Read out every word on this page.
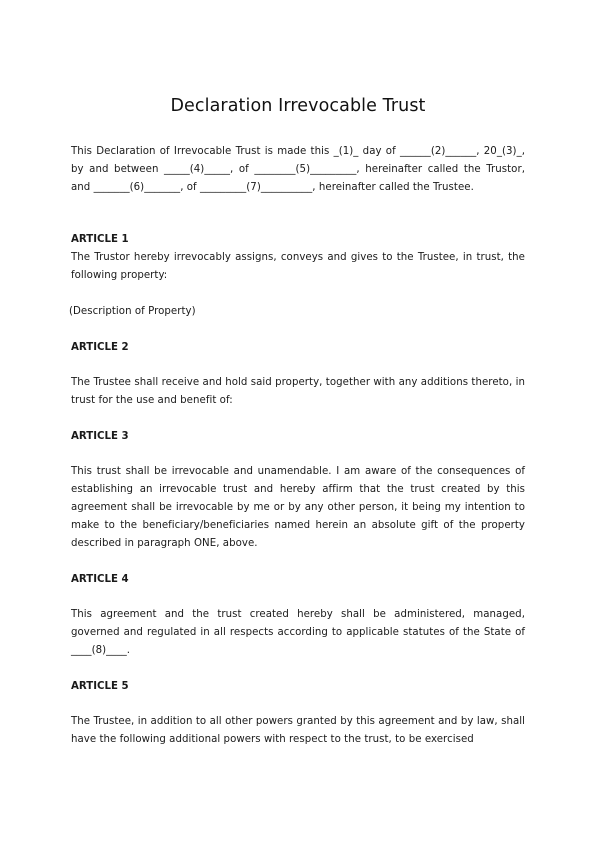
Declaration Irrevocable Trust

This Declaration of Irrevocable Trust is made this _(1)_ day of ______(2)______, 20_(3)_, by and between _____(4)_____, of ________(5)_________, hereinafter called the Trustor, and _______(6)_______, of _________(7)__________, hereinafter called the Trustee.

ARTICLE 1

The Trustor hereby irrevocably assigns, conveys and gives to the Trustee, in trust, the following property:

(Description of Property)

ARTICLE 2

The Trustee shall receive and hold said property, together with any additions thereto, in trust for the use and benefit of:

ARTICLE 3

This trust shall be irrevocable and unamendable. I am aware of the consequences of establishing an irrevocable trust and hereby affirm that the trust created by this agreement shall be irrevocable by me or by any other person, it being my intention to make to the beneficiary/beneficiaries named herein an absolute gift of the property described in paragraph ONE, above.

ARTICLE 4

This agreement and the trust created hereby shall be administered, managed, governed and regulated in all respects according to applicable statutes of the State of ____(8)____.

ARTICLE 5

The Trustee, in addition to all other powers granted by this agreement and by law, shall have the following additional powers with respect to the trust, to be exercised
